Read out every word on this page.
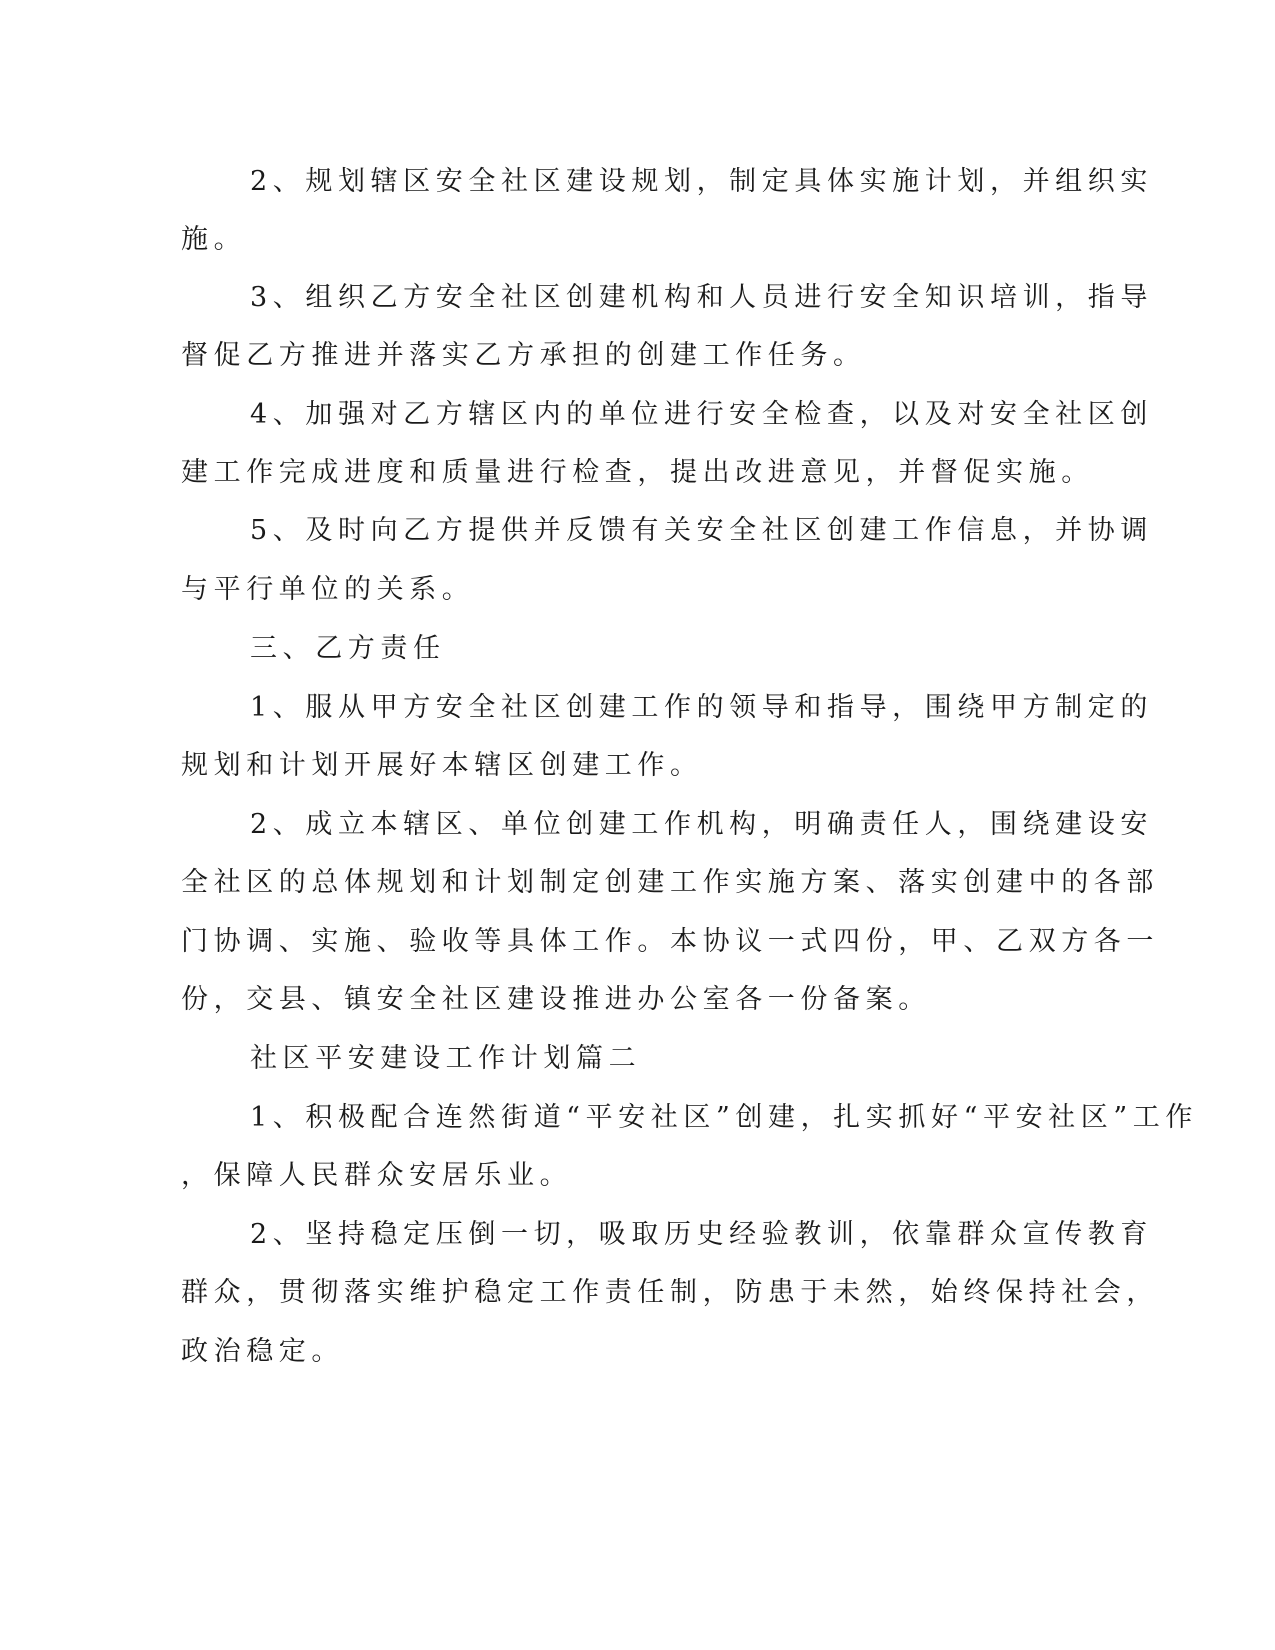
2、规划辖区安全社区建设规划，制定具体实施计划，并组织实

施。

3、组织乙方安全社区创建机构和人员进行安全知识培训，指导

督促乙方推进并落实乙方承担的创建工作任务。

4、加强对乙方辖区内的单位进行安全检查，以及对安全社区创

建工作完成进度和质量进行检查，提出改进意见，并督促实施。

5、及时向乙方提供并反馈有关安全社区创建工作信息，并协调

与平行单位的关系。

三、乙方责任

1、服从甲方安全社区创建工作的领导和指导，围绕甲方制定的

规划和计划开展好本辖区创建工作。

2、成立本辖区、单位创建工作机构，明确责任人，围绕建设安

全社区的总体规划和计划制定创建工作实施方案、落实创建中的各部

门协调、实施、验收等具体工作。本协议一式四份，甲、乙双方各一

份，交县、镇安全社区建设推进办公室各一份备案。

社区平安建设工作计划篇二

1、积极配合连然街道“平安社区”创建，扎实抓好“平安社区”工作

，保障人民群众安居乐业。

2、坚持稳定压倒一切，吸取历史经验教训，依靠群众宣传教育

群众，贯彻落实维护稳定工作责任制，防患于未然，始终保持社会，

政治稳定。
